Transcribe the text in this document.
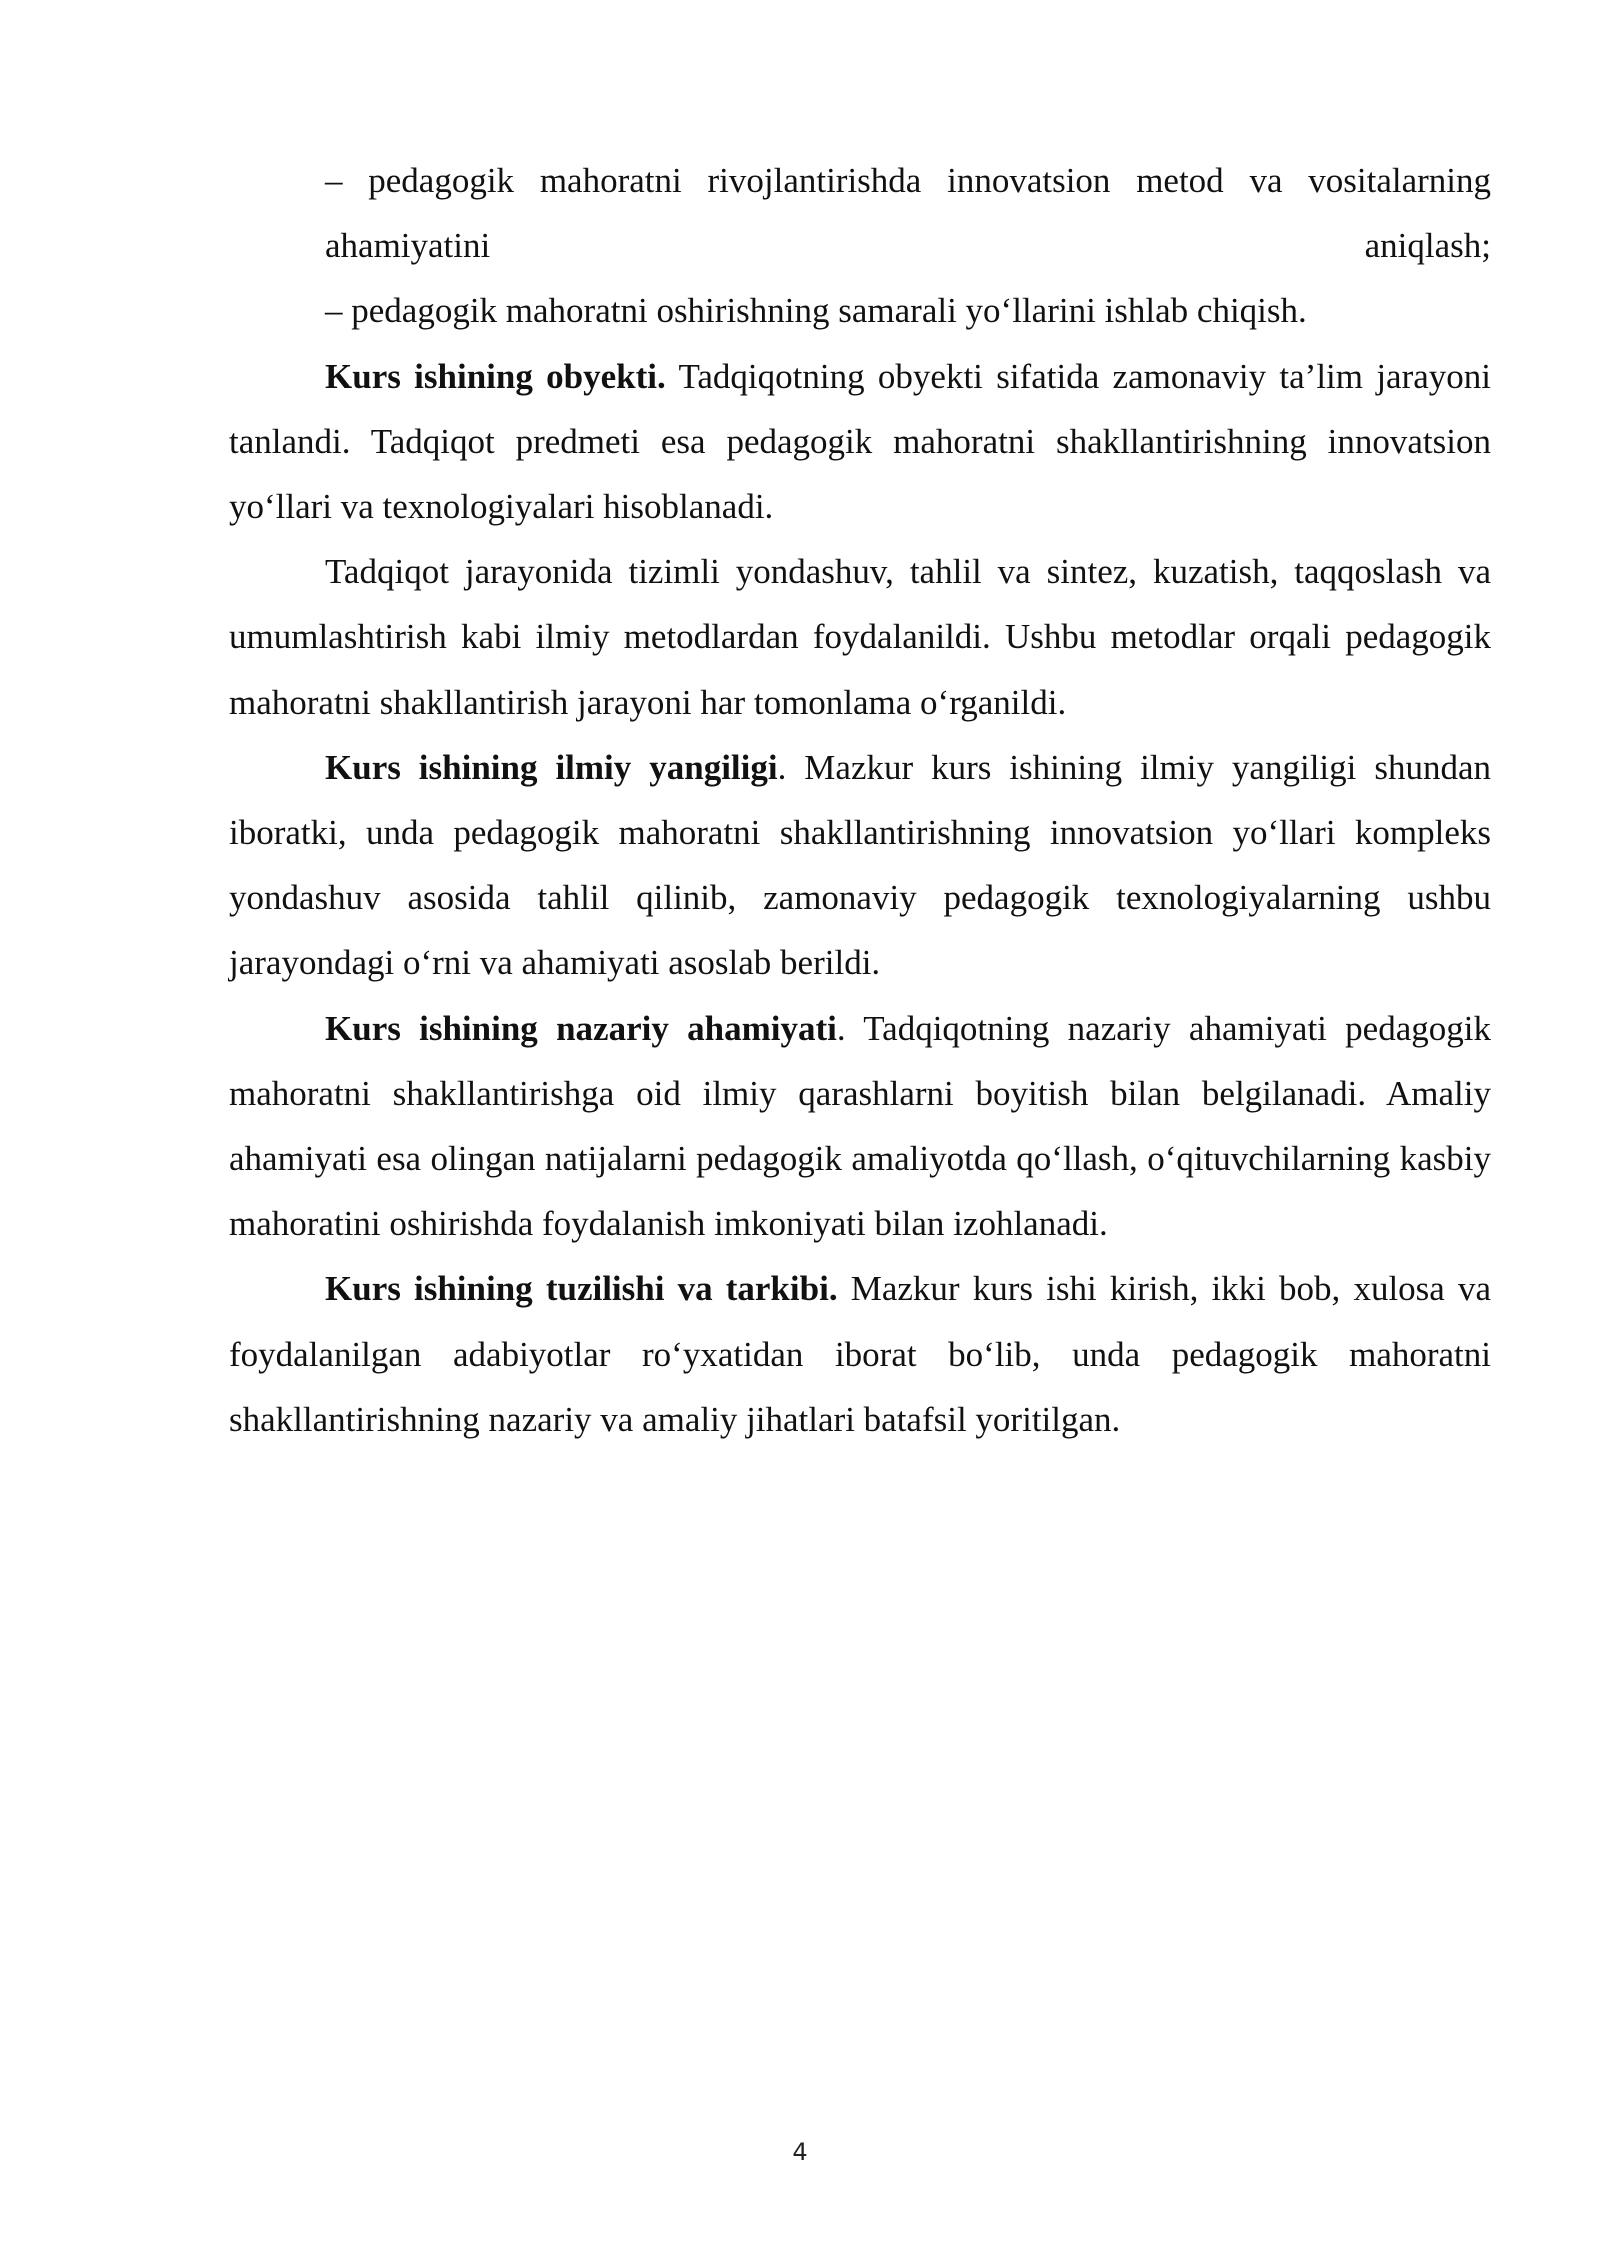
– pedagogik mahoratni rivojlantirishda innovatsion metod va vositalarning ahamiyatini aniqlash;

– pedagogik mahoratni oshirishning samarali yo‘llarini ishlab chiqish.

Kurs ishining obyekti. Tadqiqotning obyekti sifatida zamonaviy ta’lim jarayoni tanlandi. Tadqiqot predmeti esa pedagogik mahoratni shakllantirishning innovatsion yo‘llari va texnologiyalari hisoblanadi.

Tadqiqot jarayonida tizimli yondashuv, tahlil va sintez, kuzatish, taqqoslash va umumlashtirish kabi ilmiy metodlardan foydalanildi. Ushbu metodlar orqali pedagogik mahoratni shakllantirish jarayoni har tomonlama o‘rganildi.

Kurs ishining ilmiy yangiligi. Mazkur kurs ishining ilmiy yangiligi shundan iboratki, unda pedagogik mahoratni shakllantirishning innovatsion yo‘llari kompleks yondashuv asosida tahlil qilinib, zamonaviy pedagogik texnologiyalarning ushbu jarayondagi o‘rni va ahamiyati asoslab berildi.

Kurs ishining nazariy ahamiyati. Tadqiqotning nazariy ahamiyati pedagogik mahoratni shakllantirishga oid ilmiy qarashlarni boyitish bilan belgilanadi. Amaliy ahamiyati esa olingan natijalarni pedagogik amaliyotda qo‘llash, o‘qituvchilarning kasbiy mahoratini oshirishda foydalanish imkoniyati bilan izohlanadi.

Kurs ishining tuzilishi va tarkibi. Mazkur kurs ishi kirish, ikki bob, xulosa va foydalanilgan adabiyotlar ro‘yxatidan iborat bo‘lib, unda pedagogik mahoratni shakllantirishning nazariy va amaliy jihatlari batafsil yoritilgan.

4
